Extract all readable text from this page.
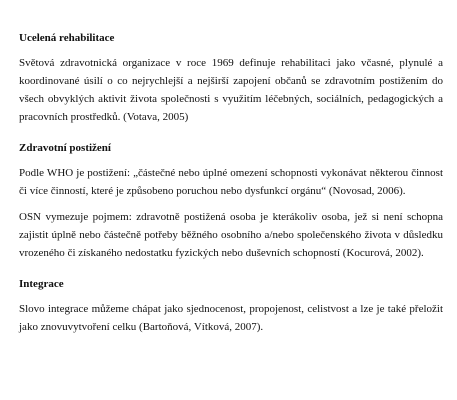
Ucelená rehabilitace

Světová zdravotnická organizace v roce 1969 definuje rehabilitaci jako včasné, plynulé a koordinované úsilí o co nejrychlejší a nejširší zapojení občanů se zdravotním postižením do všech obvyklých aktivit života společnosti s využitím léčebných, sociálních, pedagogických a pracovních prostředků. (Votava, 2005)

Zdravotní postižení

Podle WHO je postižení: „částečné nebo úplné omezení schopnosti vykonávat některou činnost či více činností, které je způsobeno poruchou nebo dysfunkcí orgánu“ (Novosad, 2006).

OSN vymezuje pojmem: zdravotně postižená osoba je kterákoliv osoba, jež si není schopna zajistit úplně nebo částečně potřeby běžného osobního a/nebo společenského života v důsledku vrozeného či získaného nedostatku fyzických nebo duševních schopností (Kocurová, 2002).

Integrace

Slovo integrace můžeme chápat jako sjednocenost, propojenost, celistvost a lze je také přeložit jako znovuvytvoření celku (Bartoňová, Vítková, 2007).
